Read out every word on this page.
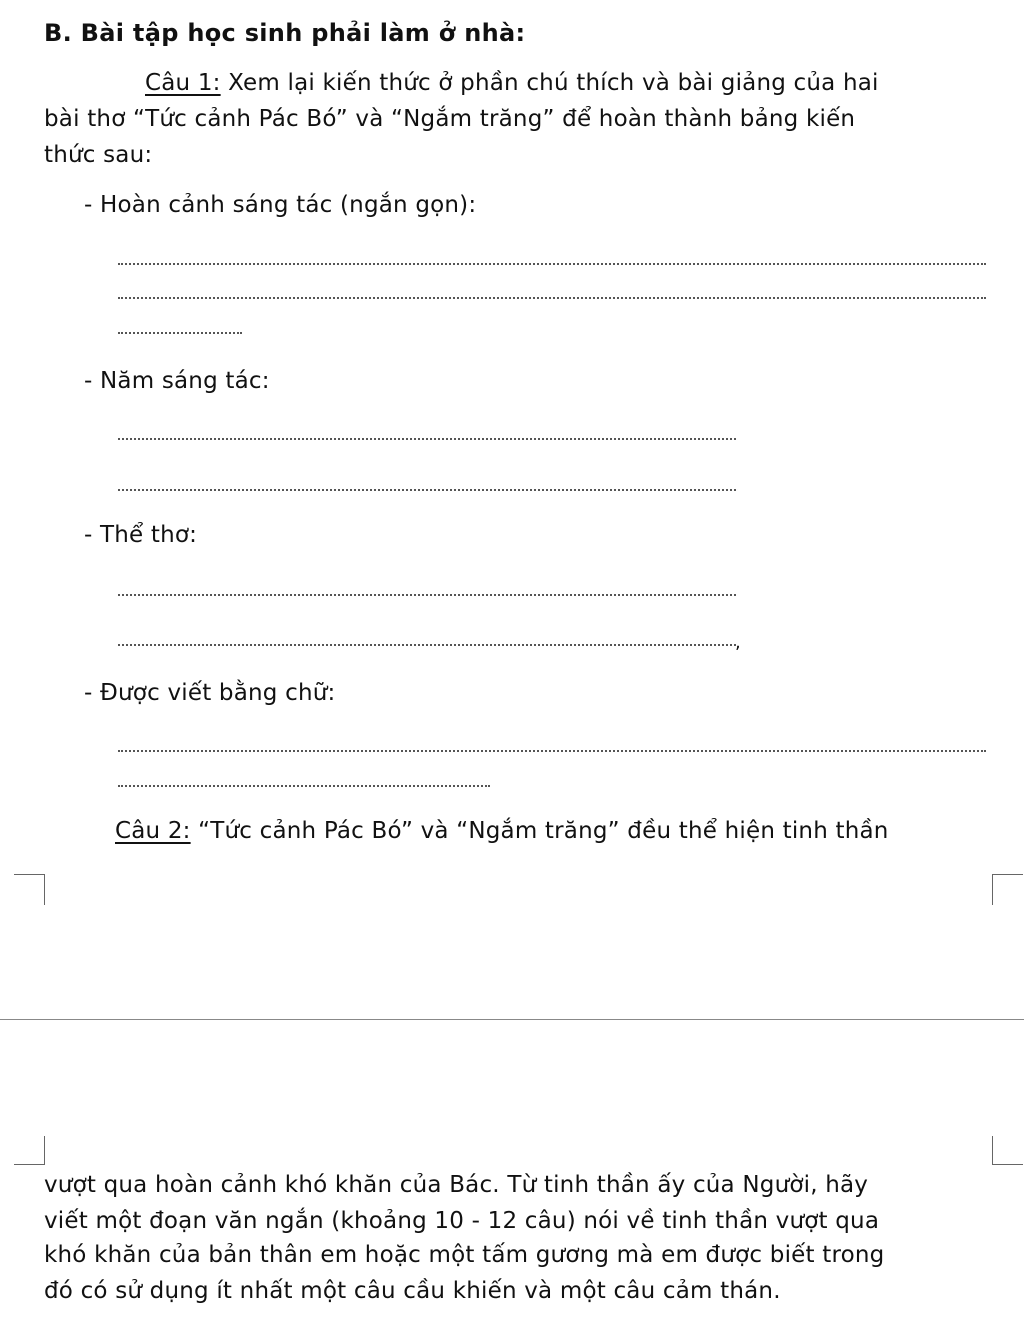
B. Bài tập học sinh phải làm ở nhà:
Câu 1: Xem lại kiến thức ở phần chú thích và bài giảng của hai
bài thơ “Tức cảnh Pác Bó” và “Ngắm trăng” để hoàn thành bảng kiến
thức sau:
- Hoàn cảnh sáng tác (ngắn gọn):
- Năm sáng tác:
- Thể thơ:
,
- Được viết bằng chữ:
Câu 2: “Tức cảnh Pác Bó” và “Ngắm trăng” đều thể hiện tinh thần
vượt qua hoàn cảnh khó khăn của Bác. Từ tinh thần ấy của Người, hãy
viết một đoạn văn ngắn (khoảng 10 - 12 câu) nói về tinh thần vượt qua
khó khăn của bản thân em hoặc một tấm gương mà em được biết trong
đó có sử dụng ít nhất một câu cầu khiến và một câu cảm thán.
